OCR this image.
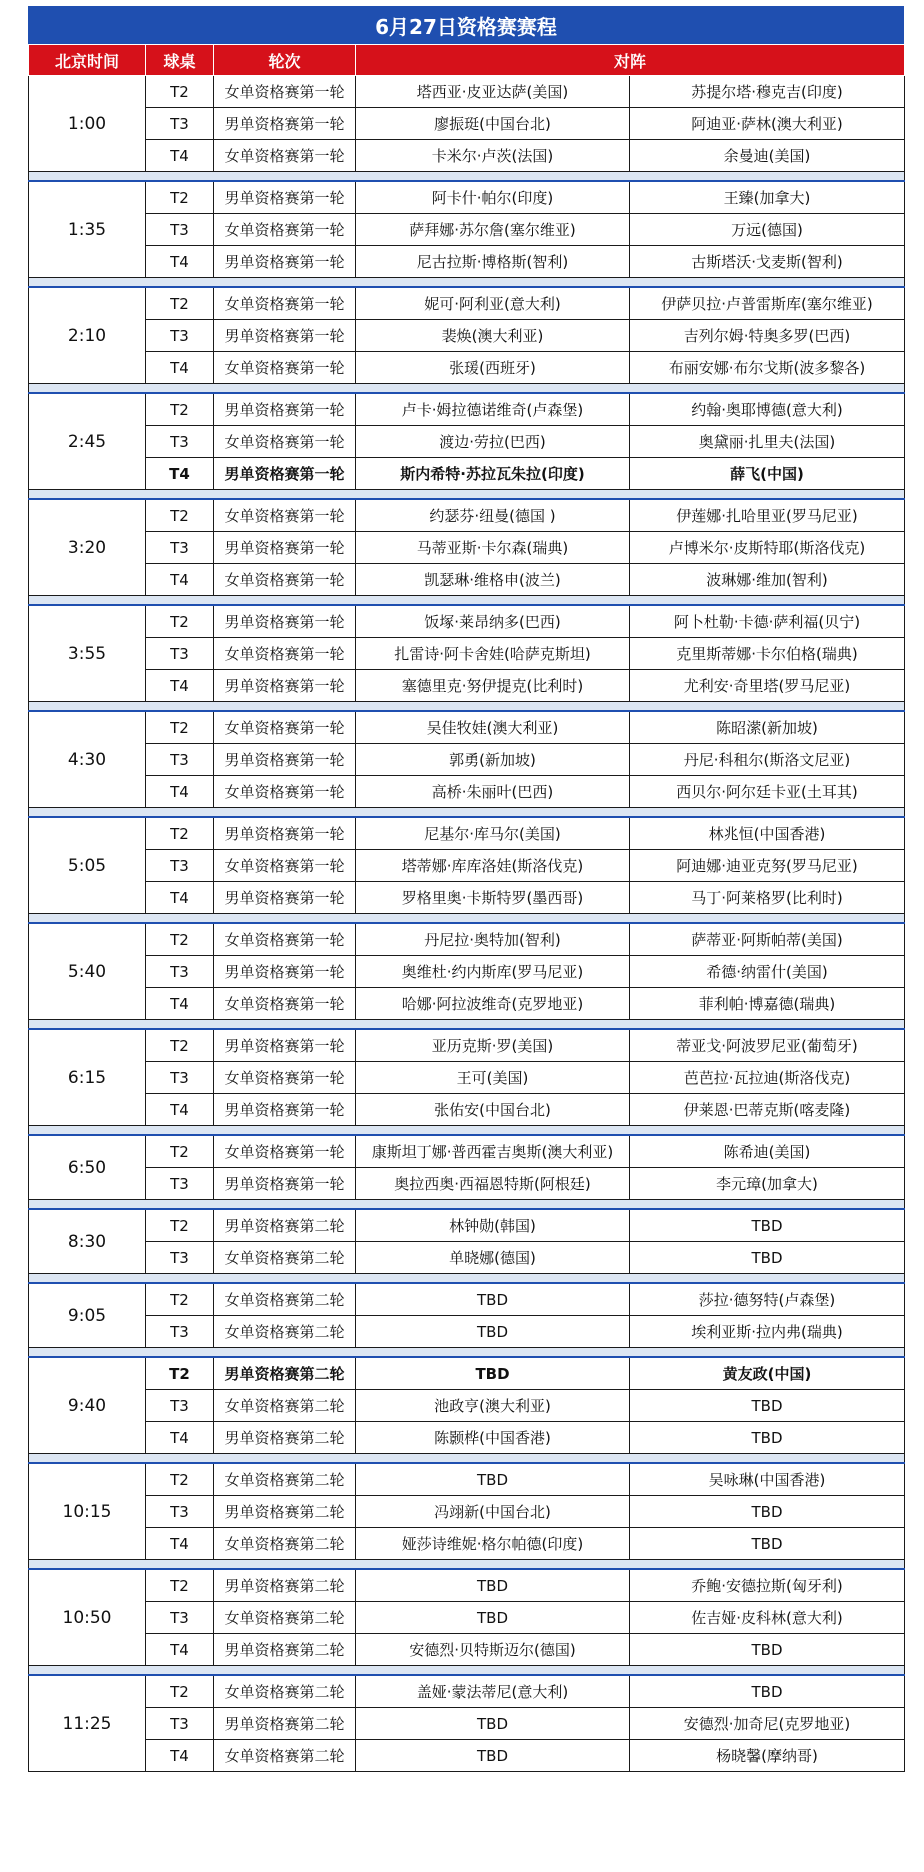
6月27日资格赛赛程
北京时间	球桌	轮次	对阵	
1:00	T2	女单资格赛第一轮	塔西亚·皮亚达萨(美国)	苏提尔塔·穆克吉(印度)
	T3	男单资格赛第一轮	廖振珽(中国台北)	阿迪亚·萨林(澳大利亚)
	T4	女单资格赛第一轮	卡米尔·卢茨(法国)	余曼迪(美国)

1:35	T2	男单资格赛第一轮	阿卡什·帕尔(印度)	王臻(加拿大)
	T3	女单资格赛第一轮	萨拜娜·苏尔詹(塞尔维亚)	万远(德国)
	T4	男单资格赛第一轮	尼古拉斯·博格斯(智利)	古斯塔沃·戈麦斯(智利)

2:10	T2	女单资格赛第一轮	妮可·阿利亚(意大利)	伊萨贝拉·卢普雷斯库(塞尔维亚)
	T3	男单资格赛第一轮	裴焕(澳大利亚)	吉列尔姆·特奥多罗(巴西)
	T4	女单资格赛第一轮	张瑗(西班牙)	布丽安娜·布尔戈斯(波多黎各)

2:45	T2	男单资格赛第一轮	卢卡·姆拉德诺维奇(卢森堡)	约翰·奥耶博德(意大利)
	T3	女单资格赛第一轮	渡边·劳拉(巴西)	奥黛丽·扎里夫(法国)
	T4	男单资格赛第一轮	斯内希特·苏拉瓦朱拉(印度)	薛飞(中国)

3:20	T2	女单资格赛第一轮	约瑟芬·纽曼(德国 )	伊莲娜·扎哈里亚(罗马尼亚)
	T3	男单资格赛第一轮	马蒂亚斯·卡尔森(瑞典)	卢博米尔·皮斯特耶(斯洛伐克)
	T4	女单资格赛第一轮	凯瑟琳·维格申(波兰)	波琳娜·维加(智利)

3:55	T2	男单资格赛第一轮	饭塚·莱昂纳多(巴西)	阿卜杜勒·卡德·萨利福(贝宁)
	T3	女单资格赛第一轮	扎雷诗·阿卡舍娃(哈萨克斯坦)	克里斯蒂娜·卡尔伯格(瑞典)
	T4	男单资格赛第一轮	塞德里克·努伊提克(比利时)	尤利安·奇里塔(罗马尼亚)

4:30	T2	女单资格赛第一轮	吴佳牧娃(澳大利亚)	陈昭潆(新加坡)
	T3	男单资格赛第一轮	郭勇(新加坡)	丹尼·科租尔(斯洛文尼亚)
	T4	女单资格赛第一轮	高桥·朱丽叶(巴西)	西贝尔·阿尔廷卡亚(土耳其)

5:05	T2	男单资格赛第一轮	尼基尔·库马尔(美国)	林兆恒(中国香港)
	T3	女单资格赛第一轮	塔蒂娜·库库洛娃(斯洛伐克)	阿迪娜·迪亚克努(罗马尼亚)
	T4	男单资格赛第一轮	罗格里奥·卡斯特罗(墨西哥)	马丁·阿莱格罗(比利时)

5:40	T2	女单资格赛第一轮	丹尼拉·奥特加(智利)	萨蒂亚·阿斯帕蒂(美国)
	T3	男单资格赛第一轮	奥维杜·约内斯库(罗马尼亚)	希德·纳雷什(美国)
	T4	女单资格赛第一轮	哈娜·阿拉波维奇(克罗地亚)	菲利帕·博嘉德(瑞典)

6:15	T2	男单资格赛第一轮	亚历克斯·罗(美国)	蒂亚戈·阿波罗尼亚(葡萄牙)
	T3	女单资格赛第一轮	王可(美国)	芭芭拉·瓦拉迪(斯洛伐克)
	T4	男单资格赛第一轮	张佑安(中国台北)	伊莱恩·巴蒂克斯(喀麦隆)

6:50	T2	女单资格赛第一轮	康斯坦丁娜·普西霍吉奥斯(澳大利亚)	陈希迪(美国)
	T3	男单资格赛第一轮	奥拉西奥·西福恩特斯(阿根廷)	李元璋(加拿大)

8:30	T2	男单资格赛第二轮	林钟勋(韩国)	TBD
	T3	女单资格赛第二轮	单晓娜(德国)	TBD

9:05	T2	女单资格赛第二轮	TBD	莎拉·德努特(卢森堡)
	T3	女单资格赛第二轮	TBD	埃利亚斯·拉内弗(瑞典)

9:40	T2	男单资格赛第二轮	TBD	黄友政(中国)
	T3	女单资格赛第二轮	池政亨(澳大利亚)	TBD
	T4	男单资格赛第二轮	陈颢桦(中国香港)	TBD

10:15	T2	女单资格赛第二轮	TBD	吴咏琳(中国香港)
	T3	男单资格赛第二轮	冯翊新(中国台北)	TBD
	T4	女单资格赛第二轮	娅莎诗维妮·格尔帕德(印度)	TBD

10:50	T2	男单资格赛第二轮	TBD	乔鲍·安德拉斯(匈牙利)
	T3	女单资格赛第二轮	TBD	佐吉娅·皮科林(意大利)
	T4	男单资格赛第二轮	安德烈·贝特斯迈尔(德国)	TBD

11:25	T2	女单资格赛第二轮	盖娅·蒙法蒂尼(意大利)	TBD
	T3	男单资格赛第二轮	TBD	安德烈·加奇尼(克罗地亚)
	T4	女单资格赛第二轮	TBD	杨晓馨(摩纳哥)
